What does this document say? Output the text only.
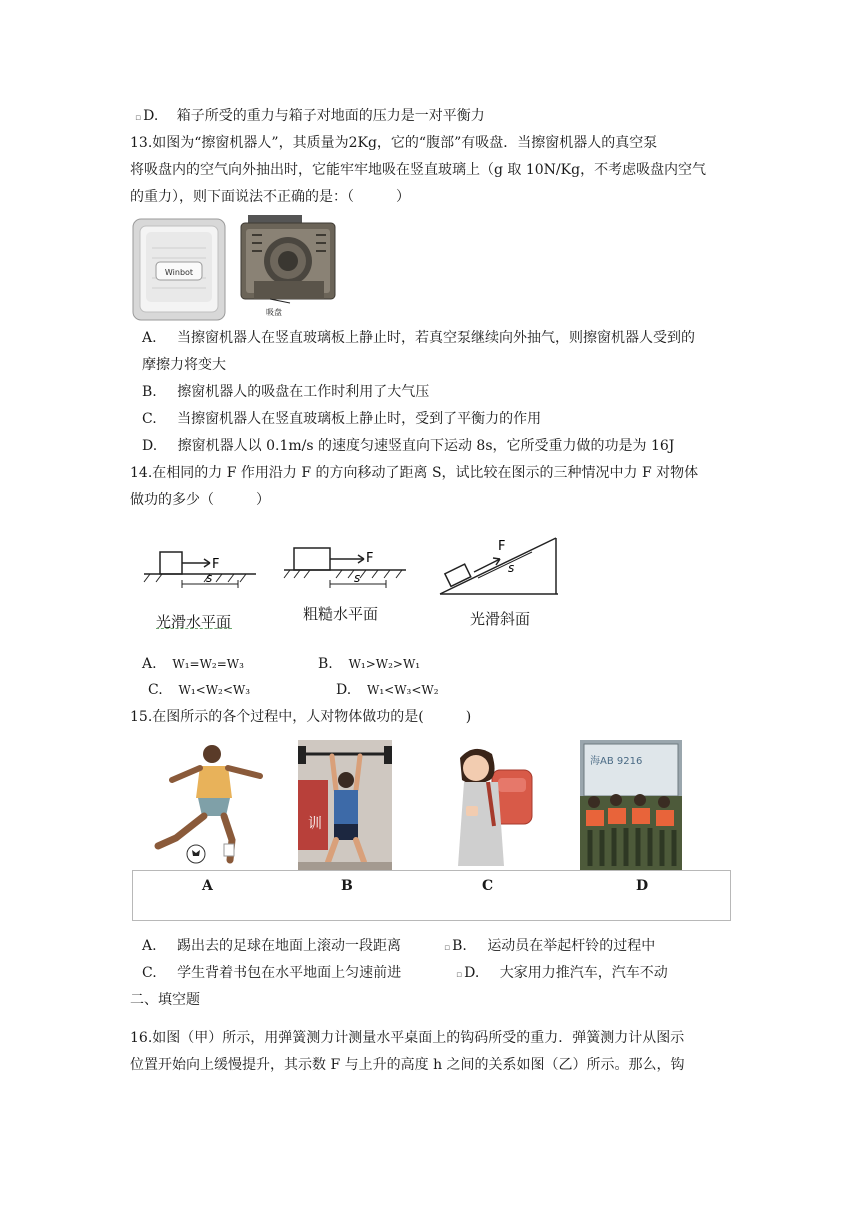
▫ D. 箱子所受的重力与箱子对地面的压力是一对平衡力
13.如图为“擦窗机器人”，其质量为2Kg，它的“腹部”有吸盘．当擦窗机器人的真空泵
将吸盘内的空气向外抽出时，它能牢牢地吸在竖直玻璃上（g 取 10N/Kg，不考虑吸盘内空气
的重力），则下面说法不正确的是：（　　　）
Winbot
吸盘
A. 当擦窗机器人在竖直玻璃板上静止时，若真空泵继续向外抽气，则擦窗机器人受到的
摩擦力将变大
B. 擦窗机器人的吸盘在工作时利用了大气压
C. 当擦窗机器人在竖直玻璃板上静止时，受到了平衡力的作用
D. 擦窗机器人以 0.1m/s 的速度匀速竖直向下运动 8s，它所受重力做的功是为 16J
14.在相同的力 F 作用沿力 F 的方向移动了距离 S，试比较在图示的三种情况中力 F 对物体
做功的多少（　　　）
F
s
F
s
F
s
光滑水平面	粗糙水平面	光滑斜面
A. W₁=W₂=W₃	B. W₁>W₂>W₁
C. W₁<W₂<W₃	D. W₁<W₃<W₂
15.在图所示的各个过程中，人对物体做功的是(　　　)
训
海AB 9216
A	B	C	D
A. 踢出去的足球在地面上滚动一段距离	▫ B. 运动员在举起杆铃的过程中
C. 学生背着书包在水平地面上匀速前进	▫ D. 大家用力推汽车，汽车不动
二、填空题
16.如图（甲）所示，用弹簧测力计测量水平桌面上的钩码所受的重力．弹簧测力计从图示
位置开始向上缓慢提升，其示数 F 与上升的高度 h 之间的关系如图（乙）所示。那么，钩
